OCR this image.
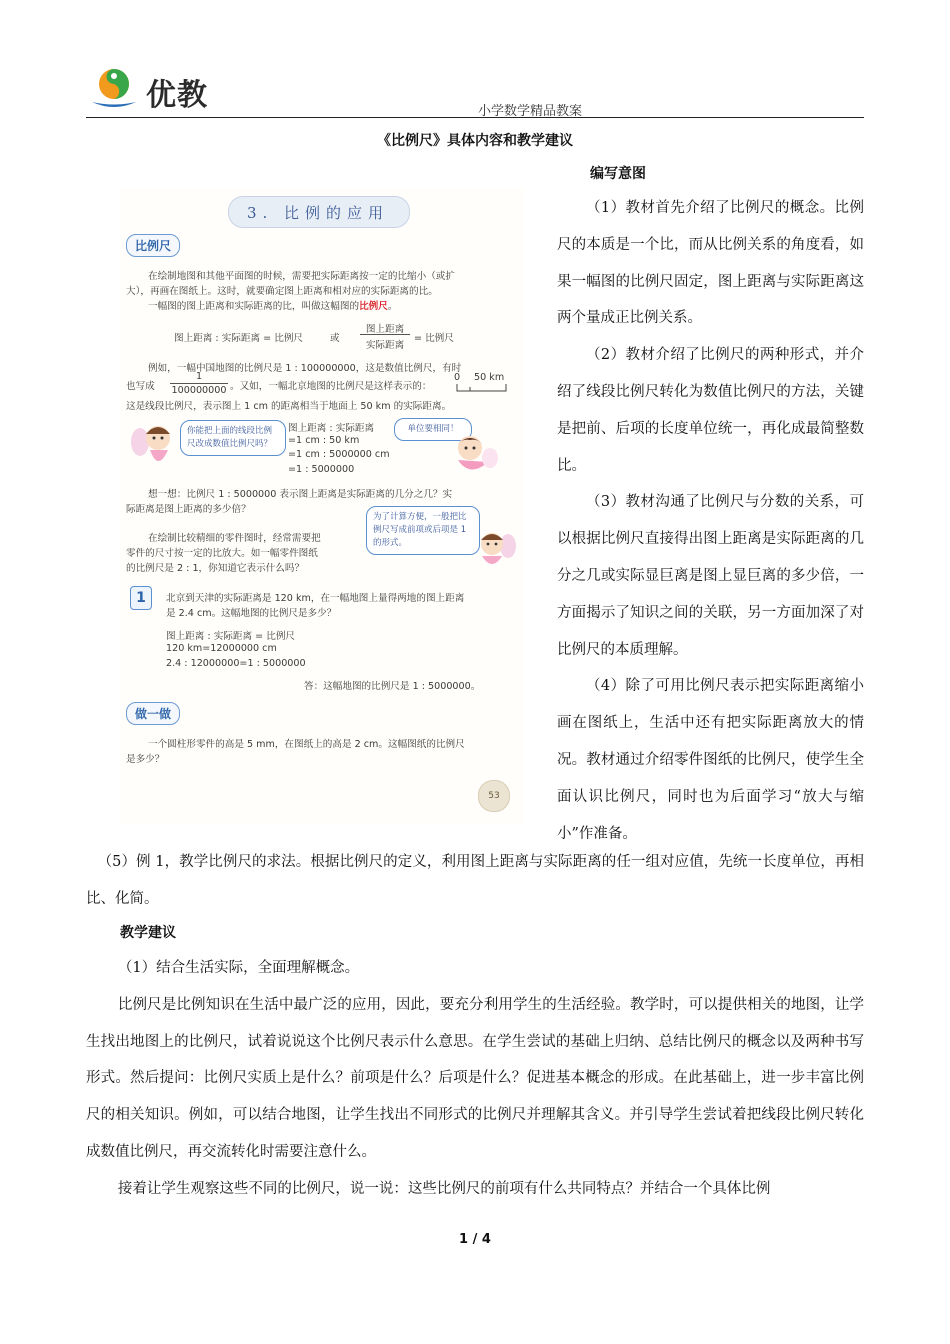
优教	小学数学精品教案
《比例尺》具体内容和教学建议
3. 比例的应用
比例尺
在绘制地图和其他平面图的时候，需要把实际距离按一定的比缩小（或扩
大），再画在图纸上。这时，就要确定图上距离和相对应的实际距离的比。
一幅图的图上距离和实际距离的比，叫做这幅图的比例尺。
图上距离 : 实际距离 = 比例尺	或
图上距离
实际距离
= 比例尺
例如，一幅中国地图的比例尺是 1 : 100000000，这是数值比例尺，有时
也写成
1
100000000 。又如，一幅北京地图的比例尺是这样表示的：
0 50 km
这是线段比例尺，表示图上 1 cm 的距离相当于地面上 50 km 的实际距离。
你能把上面的线段比例尺改成数值比例尺吗？
图上距离 : 实际距离
=1 cm : 50 km
=1 cm : 5000000 cm
=1 : 5000000
单位要相同！
想一想：比例尺 1 : 5000000 表示图上距离是实际距离的几分之几？实
际距离是图上距离的多少倍？
在绘制比较精细的零件图时，经常需要把
零件的尺寸按一定的比放大。如一幅零件图纸
的比例尺是 2 : 1，你知道它表示什么吗？
为了计算方便，一般把比例尺写成前项或后项是 1 的形式。
1	北京到天津的实际距离是 120 km，在一幅地图上量得两地的图上距离
是 2.4 cm。这幅地图的比例尺是多少？
图上距离 : 实际距离 = 比例尺
120 km=12000000 cm
2.4 : 12000000=1 : 5000000
答：这幅地图的比例尺是 1 : 5000000。
做一做
一个圆柱形零件的高是 5 mm，在图纸上的高是 2 cm。这幅图纸的比例尺
是多少？
53
编写意图

（1）教材首先介绍了比例尺的概念。比例尺的本质是一个比，而从比例关系的角度看，如果一幅图的比例尺固定，图上距离与实际距离这两个量成正比例关系。

（2）教材介绍了比例尺的两种形式，并介绍了线段比例尺转化为数值比例尺的方法，关键是把前、后项的长度单位统一，再化成最简整数比。

（3）教材沟通了比例尺与分数的关系，可以根据比例尺直接得出图上距离是实际距离的几分之几或实际显巨离是图上显巨离的多少倍，一方面揭示了知识之间的关联，另一方面加深了对比例尺的本质理解。

（4）除了可用比例尺表示把实际距离缩小画在图纸上，生活中还有把实际距离放大的情况。教材通过介绍零件图纸的比例尺，使学生全面认识比例尺，同时也为后面学习“放大与缩小”作准备。

（5）例 1，教学比例尺的求法。根据比例尺的定义，利用图上距离与实际距离的任一组对应值，先统一长度单位，再相比、化简。

教学建议

（1）结合生活实际，全面理解概念。

比例尺是比例知识在生活中最广泛的应用，因此，要充分利用学生的生活经验。教学时，可以提供相关的地图，让学生找出地图上的比例尺，试着说说这个比例尺表示什么意思。在学生尝试的基础上归纳、总结比例尺的概念以及两种书写形式。然后提问：比例尺实质上是什么？前项是什么？后项是什么？促进基本概念的形成。在此基础上，进一步丰富比例尺的相关知识。例如，可以结合地图，让学生找出不同形式的比例尺并理解其含义。并引导学生尝试着把线段比例尺转化成数值比例尺，再交流转化时需要注意什么。

接着让学生观察这些不同的比例尺，说一说：这些比例尺的前项有什么共同特点？并结合一个具体比例

1 / 4
